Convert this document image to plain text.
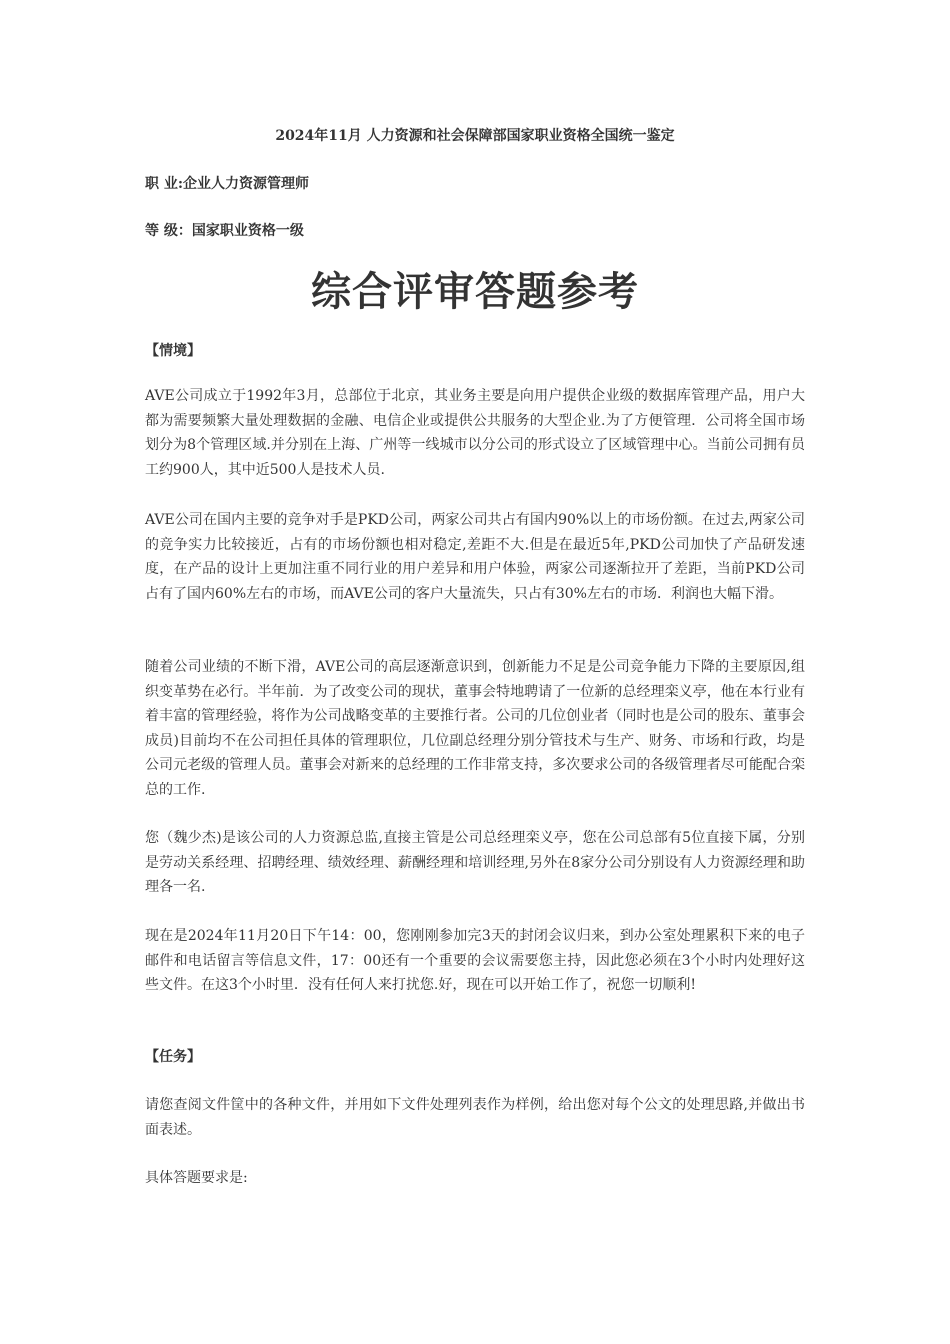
2024年11月 人力资源和社会保障部国家职业资格全国统一鉴定
职 业:企业人力资源管理师
等 级：国家职业资格一级
综合评审答题参考
【情境】

AVE公司成立于1992年3月，总部位于北京，其业务主要是向用户提供企业级的数据库管理产品，用户大都为需要频繁大量处理数据的金融、电信企业或提供公共服务的大型企业.为了方便管理．公司将全国市场划分为8个管理区域.并分别在上海、广州等一线城市以分公司的形式设立了区域管理中心。当前公司拥有员工约900人，其中近500人是技术人员.

AVE公司在国内主要的竞争对手是PKD公司，两家公司共占有国内90%以上的市场份额。在过去,两家公司的竞争实力比较接近，占有的市场份额也相对稳定,差距不大.但是在最近5年,PKD公司加快了产品研发速度，在产品的设计上更加注重不同行业的用户差异和用户体验，两家公司逐渐拉开了差距，当前PKD公司占有了国内60%左右的市场，而AVE公司的客户大量流失，只占有30%左右的市场．利润也大幅下滑。

随着公司业绩的不断下滑，AVE公司的高层逐渐意识到，创新能力不足是公司竞争能力下降的主要原因,组织变革势在必行。半年前．为了改变公司的现状，董事会特地聘请了一位新的总经理栾义亭，他在本行业有着丰富的管理经验，将作为公司战略变革的主要推行者。公司的几位创业者（同时也是公司的股东、董事会成员)目前均不在公司担任具体的管理职位，几位副总经理分别分管技术与生产、财务、市场和行政，均是公司元老级的管理人员。董事会对新来的总经理的工作非常支持，多次要求公司的各级管理者尽可能配合栾总的工作.

您（魏少杰)是该公司的人力资源总监,直接主管是公司总经理栾义亭，您在公司总部有5位直接下属，分别是劳动关系经理、招聘经理、绩效经理、薪酬经理和培训经理,另外在8家分公司分别设有人力资源经理和助理各一名.

现在是2024年11月20日下午14：00，您刚刚参加完3天的封闭会议归来，到办公室处理累积下来的电子邮件和电话留言等信息文件，17：00还有一个重要的会议需要您主持，因此您必须在3个小时内处理好这些文件。在这3个小时里．没有任何人来打扰您.好，现在可以开始工作了，祝您一切顺利!

【任务】

请您查阅文件筐中的各种文件，并用如下文件处理列表作为样例，给出您对每个公文的处理思路,并做出书面表述。

具体答题要求是:
